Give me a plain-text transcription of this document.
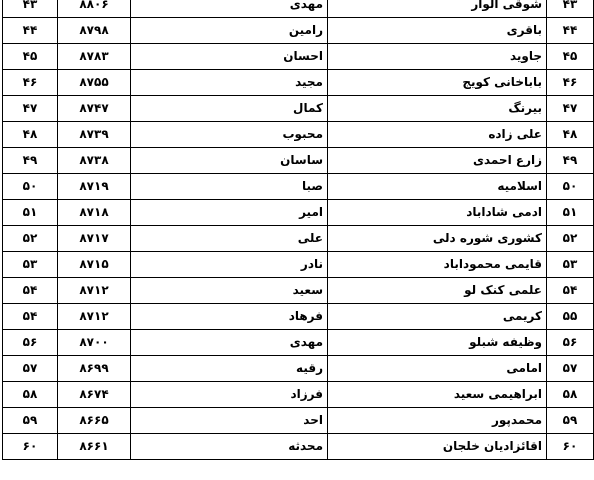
۴۳	شوقی الوار	مهدی	۸۸۰۶	۴۳
۴۴	باقری	رامین	۸۷۹۸	۴۴
۴۵	جاوید	احسان	۸۷۸۳	۴۵
۴۶	باباخانی کویج	مجید	۸۷۵۵	۴۶
۴۷	بیرنگ	کمال	۸۷۴۷	۴۷
۴۸	علی زاده	محبوب	۸۷۳۹	۴۸
۴۹	زارع احمدی	ساسان	۸۷۳۸	۴۹
۵۰	اسلامیه	صبا	۸۷۱۹	۵۰
۵۱	ادمی شاداباد	امیر	۸۷۱۸	۵۱
۵۲	کشوری شوره دلی	علی	۸۷۱۷	۵۲
۵۳	قایمی محموداباد	نادر	۸۷۱۵	۵۳
۵۴	علمی کنک لو	سعید	۸۷۱۲	۵۴
۵۵	کریمی	فرهاد	۸۷۱۲	۵۴
۵۶	وظیفه شبلو	مهدی	۸۷۰۰	۵۶
۵۷	امامی	رقیه	۸۶۹۹	۵۷
۵۸	ابراهیمی سعید	فرزاد	۸۶۷۴	۵۸
۵۹	محمدپور	احد	۸۶۶۵	۵۹
۶۰	اقائزادیان خلجان	محدثه	۸۶۶۱	۶۰
